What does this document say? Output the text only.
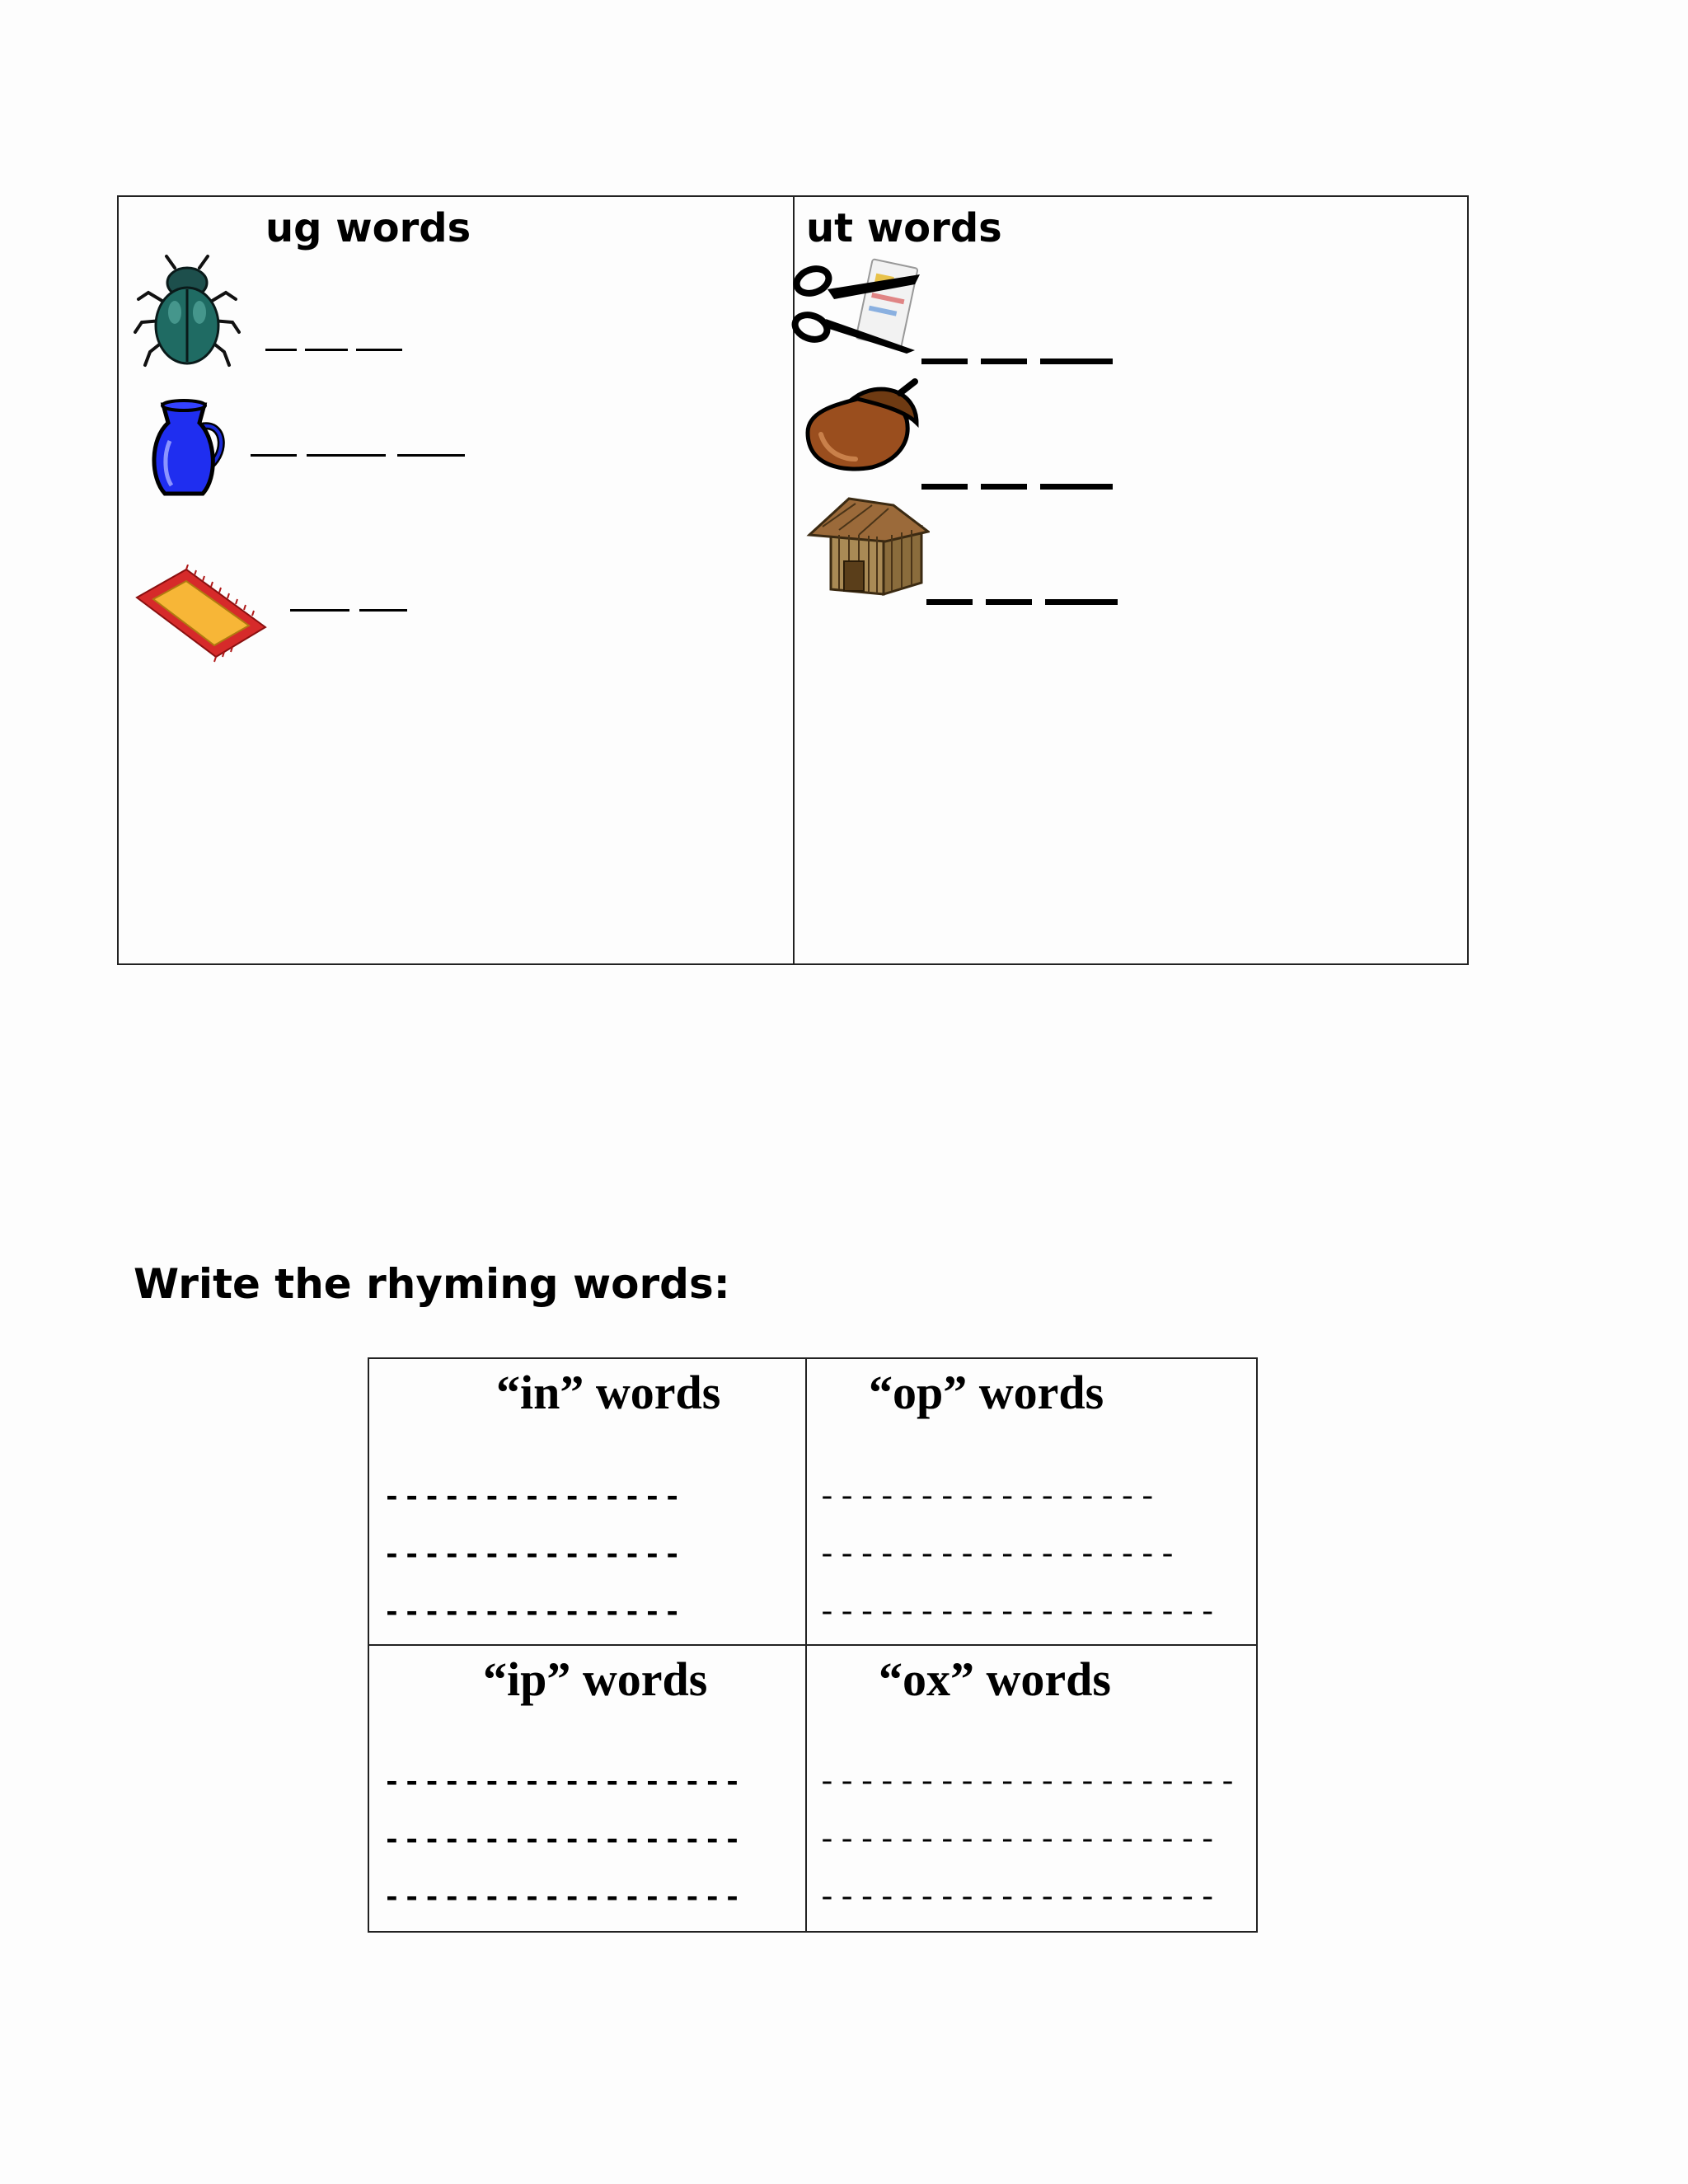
ug words	ut words
Write the rhyming words:
“in” words
---------------
---------------
---------------
“op” words
-----------------
------------------
--------------------
“ip” words
------------------
------------------
------------------
“ox” words
---------------------
--------------------
--------------------
